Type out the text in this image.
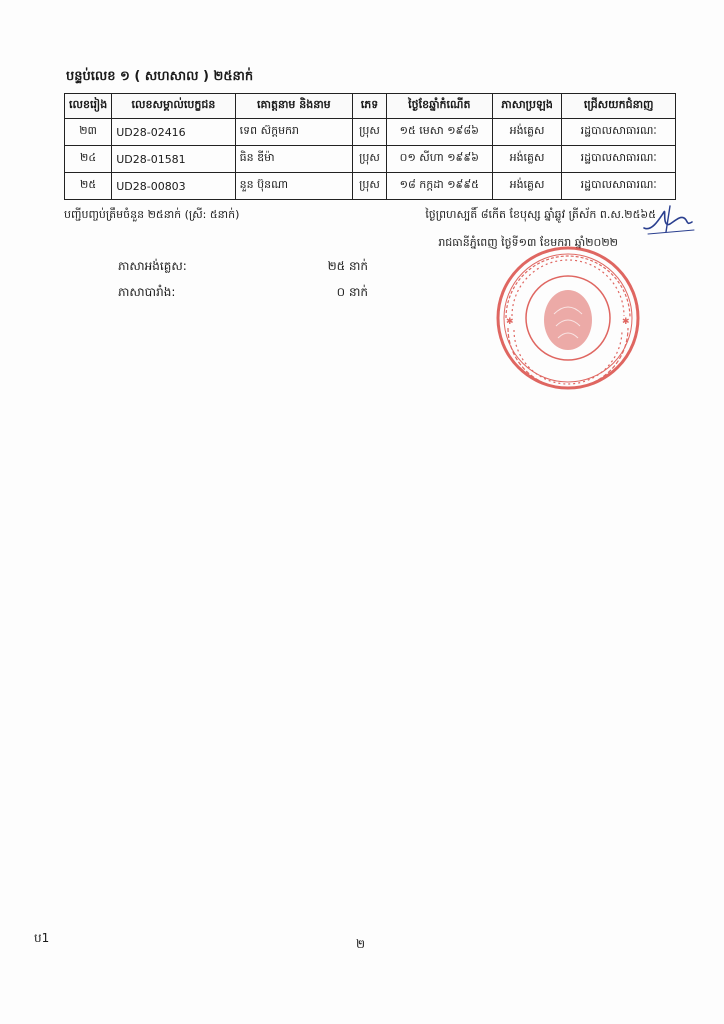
បន្ទប់លេខ ១ ( សហសាល ) ២៥នាក់
លេខរៀង	លេខសម្គាល់បេក្ខជន	គោត្តនាម និងនាម	ភេទ	ថ្ងៃខែឆ្នាំកំណើត	ភាសាប្រឡង	ជ្រើសយកជំនាញ
២៣	UD28-02416	ទេព ស៊ក្តមករា	ប្រុស	១៥ មេសា ១៩៨៦	អង់គ្លេស	រដ្ឋបាលសាធារណៈ
២៤	UD28-01581	ធិន ឌីម៉ា	ប្រុស	០១ សីហា ១៩៩៦	អង់គ្លេស	រដ្ឋបាលសាធារណៈ
២៥	UD28-00803	នួន ប៊ុនណា	ប្រុស	១៨ កក្កដា ១៩៩៥	អង់គ្លេស	រដ្ឋបាលសាធារណៈ
បញ្ជីបញ្ចប់ត្រឹមចំនួន ២៥នាក់ (ស្រី: ៥នាក់)	ថ្ងៃព្រហស្បតិ៍ ៨កើត ខែបុស្ស ឆ្នាំឆ្លូវ ត្រីស័ក ព.ស.២៥៦៥
រាជធានីភ្នំពេញ ថ្ងៃទី១៣ ខែមករា ឆ្នាំ២០២២
✱	✱
ភាសាអង់គ្លេស:	២៥ នាក់
ភាសាបារាំង:	០ នាក់
ប1	២
